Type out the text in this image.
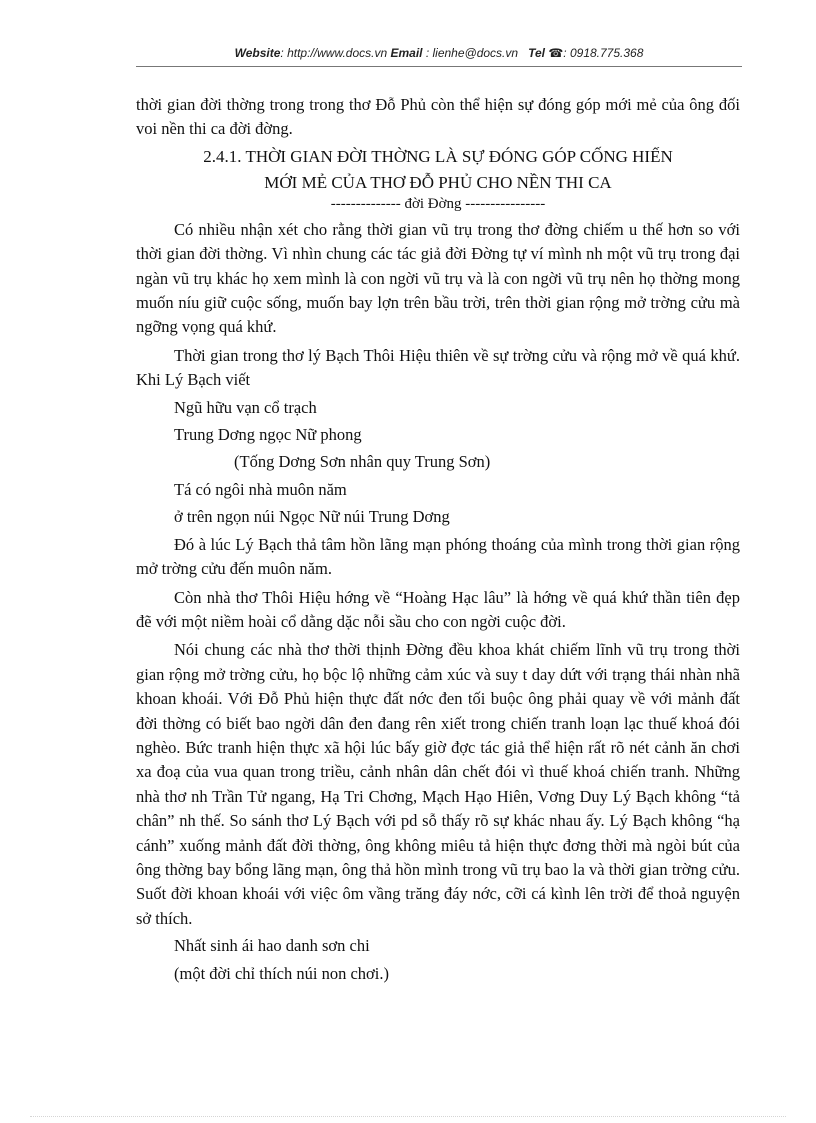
Website: http://www.docs.vn Email : lienhe@docs.vn Tel ☎: 0918.775.368

thời gian đời thờng trong trong thơ Đỗ Phủ còn thể hiện sự đóng góp mới mẻ của ông đối voi nền thi ca đời đờng.

2.4.1. THỜI GIAN ĐỜI THỜNG LÀ SỰ ĐÓNG GÓP CỐNG HIẾN

MỚI MẺ CỦA THƠ ĐỖ PHỦ CHO NỀN THI CA

-------------- đời Đờng ----------------

Có nhiều nhận xét cho rằng thời gian vũ trụ trong thơ đờng chiếm u thế hơn so với thời gian đời thờng. Vì nhìn chung các tác giả đời Đờng tự ví mình nh một vũ trụ trong đại ngàn vũ trụ khác họ xem mình là con ngời vũ trụ và là con ngời vũ trụ nên họ thờng mong muốn níu giữ cuộc sống, muốn bay lợn trên bầu trời, trên thời gian rộng mở trờng cửu mà ngỡng vọng quá khứ.

Thời gian trong thơ lý Bạch Thôi Hiệu thiên về sự trờng cửu và rộng mở về quá khứ. Khi Lý Bạch viết

Ngũ hữu vạn cổ trạch

Trung Dơng ngọc Nữ phong

(Tống Dơng Sơn nhân quy Trung Sơn)

Tá có ngôi nhà muôn năm

ở trên ngọn núi Ngọc Nữ núi Trung Dơng

Đó à lúc Lý Bạch thả tâm hồn lãng mạn phóng thoáng của mình trong thời gian rộng mở trờng cửu đến muôn năm.

Còn nhà thơ Thôi Hiệu hớng về “Hoàng Hạc lâu” là hớng về quá khứ thần tiên đẹp đẽ với một niềm hoài cổ dằng dặc nỗi sầu cho con ngời cuộc đời.

Nói chung các nhà thơ thời thịnh Đờng đều khoa khát chiếm lĩnh vũ trụ trong thời gian rộng mở trờng cửu, họ bộc lộ những cảm xúc và suy t day dứt với trạng thái nhàn nhã khoan khoái. Với Đỗ Phủ hiện thực đất nớc đen tối buộc ông phải quay về với mảnh đất đời thờng có biết bao ngời dân đen đang rên xiết trong chiến tranh loạn lạc thuế khoá đói nghèo. Bức tranh hiện thực xã hội lúc bấy giờ đợc tác giả thể hiện rất rõ nét cảnh ăn chơi xa đoạ của vua quan trong triều, cảnh nhân dân chết đói vì thuế khoá chiến tranh. Những nhà thơ nh Trần Tử ngang, Hạ Tri Chơng, Mạch Hạo Hiên, Vơng Duy Lý Bạch không “tả chân” nh thế. So sánh thơ Lý Bạch với pd sỗ thấy rõ sự khác nhau ấy. Lý Bạch không “hạ cánh” xuống mảnh đất đời thờng, ông không miêu tả hiện thực đơng thời mà ngòi bút của ông thờng bay bổng lãng mạn, ông thả hồn mình trong vũ trụ bao la và thời gian trờng cửu. Suốt đời khoan khoái với việc ôm vầng trăng đáy nớc, cỡi cá kình lên trời để thoả nguyện sở thích.

Nhất sinh ái hao danh sơn chi

(một đời chỉ thích núi non chơi.)
